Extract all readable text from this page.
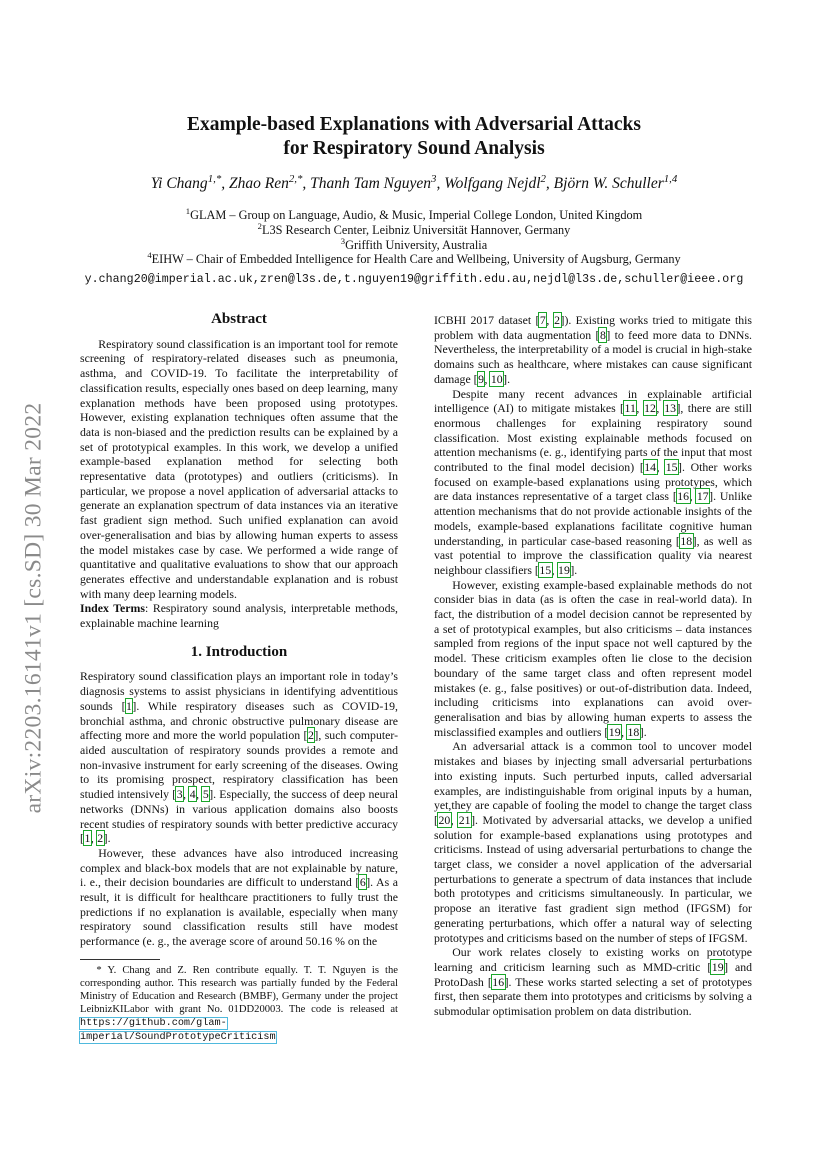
arXiv:2203.16141v1 [cs.SD] 30 Mar 2022
Example-based Explanations with Adversarial Attacks
for Respiratory Sound Analysis
Yi Chang$^{1,*}$, Zhao Ren$^{2,*}$, Thanh Tam Nguyen$^3$, Wolfgang Nejdl$^2$, Björn W. Schuller$^{1,4}$
$^1$GLAM – Group on Language, Audio, & Music, Imperial College London, United Kingdom
$^2$L3S Research Center, Leibniz Universität Hannover, Germany
$^3$Griffith University, Australia
$^4$EIHW – Chair of Embedded Intelligence for Health Care and Wellbeing, University of Augsburg, Germany
y.chang20@imperial.ac.uk,zren@l3s.de,t.nguyen19@griffith.edu.au,nejdl@l3s.de,schuller@ieee.org
Abstract

Respiratory sound classification is an important tool for remote screening of respiratory-related diseases such as pneumonia, asthma, and COVID-19. To facilitate the interpretability of classification results, especially ones based on deep learning, many explanation methods have been proposed using prototypes. However, existing explanation techniques often assume that the data is non-biased and the prediction results can be explained by a set of prototypical examples. In this work, we develop a unified example-based explanation method for selecting both representative data (prototypes) and outliers (criticisms). In particular, we propose a novel application of adversarial attacks to generate an explanation spectrum of data instances via an iterative fast gradient sign method. Such unified explanation can avoid over-generalisation and bias by allowing human experts to assess the model mistakes case by case. We performed a wide range of quantitative and qualitative evaluations to show that our approach generates effective and understandable explanation and is robust with many deep learning models.

Index Terms: Respiratory sound analysis, interpretable methods, explainable machine learning

1. Introduction

Respiratory sound classification plays an important role in today’s diagnosis systems to assist physicians in identifying adventitious sounds [1]. While respiratory diseases such as COVID-19, bronchial asthma, and chronic obstructive pulmonary disease are affecting more and more the world population [2], such computer-aided auscultation of respiratory sounds provides a remote and non-invasive instrument for early screening of the diseases. Owing to its promising prospect, respiratory classification has been studied intensively [3, 4, 5]. Especially, the success of deep neural networks (DNNs) in various application domains also boosts recent studies of respiratory sounds with better predictive accuracy [1, 2].

However, these advances have also introduced increasing complex and black-box models that are not explainable by nature, i. e., their decision boundaries are difficult to understand [6]. As a result, it is difficult for healthcare practitioners to fully trust the predictions if no explanation is available, especially when many respiratory sound classification results still have modest performance (e. g., the average score of around 50.16 % on the

* Y. Chang and Z. Ren contribute equally. T. T. Nguyen is the corresponding author. This research was partially funded by the Federal Ministry of Education and Research (BMBF), Germany under the project LeibnizKILabor with grant No. 01DD20003. The code is released at https://github.com/glam-imperial/SoundPrototypeCriticism

ICBHI 2017 dataset [7, 2]). Existing works tried to mitigate this problem with data augmentation [8] to feed more data to DNNs. Nevertheless, the interpretability of a model is crucial in high-stake domains such as healthcare, where mistakes can cause significant damage [9, 10].

Despite many recent advances in explainable artificial intelligence (AI) to mitigate mistakes [11, 12, 13], there are still enormous challenges for explaining respiratory sound classification. Most existing explainable methods focused on attention mechanisms (e. g., identifying parts of the input that most contributed to the final model decision) [14, 15]. Other works focused on example-based explanations using prototypes, which are data instances representative of a target class [16, 17]. Unlike attention mechanisms that do not provide actionable insights of the models, example-based explanations facilitate cognitive human understanding, in particular case-based reasoning [18], as well as vast potential to improve the classification quality via nearest neighbour classifiers [15, 19].

However, existing example-based explainable methods do not consider bias in data (as is often the case in real-world data). In fact, the distribution of a model decision cannot be represented by a set of prototypical examples, but also criticisms – data instances sampled from regions of the input space not well captured by the model. These criticism examples often lie close to the decision boundary of the same target class and often represent model mistakes (e. g., false positives) or out-of-distribution data. Indeed, including criticisms into explanations can avoid over-generalisation and bias by allowing human experts to assess the misclassified examples and outliers [19, 18].

An adversarial attack is a common tool to uncover model mistakes and biases by injecting small adversarial perturbations into existing inputs. Such perturbed inputs, called adversarial examples, are indistinguishable from original inputs by a human, yet,they are capable of fooling the model to change the target class [20, 21]. Motivated by adversarial attacks, we develop a unified solution for example-based explanations using prototypes and criticisms. Instead of using adversarial perturbations to change the target class, we consider a novel application of the adversarial perturbations to generate a spectrum of data instances that include both prototypes and criticisms simultaneously. In particular, we propose an iterative fast gradient sign method (IFGSM) for generating perturbations, which offer a natural way of selecting prototypes and criticisms based on the number of steps of IFGSM.

Our work relates closely to existing works on prototype learning and criticism learning such as MMD-critic [19] and ProtoDash [16]. These works started selecting a set of prototypes first, then separate them into prototypes and criticisms by solving a submodular optimisation problem on data distribution.
